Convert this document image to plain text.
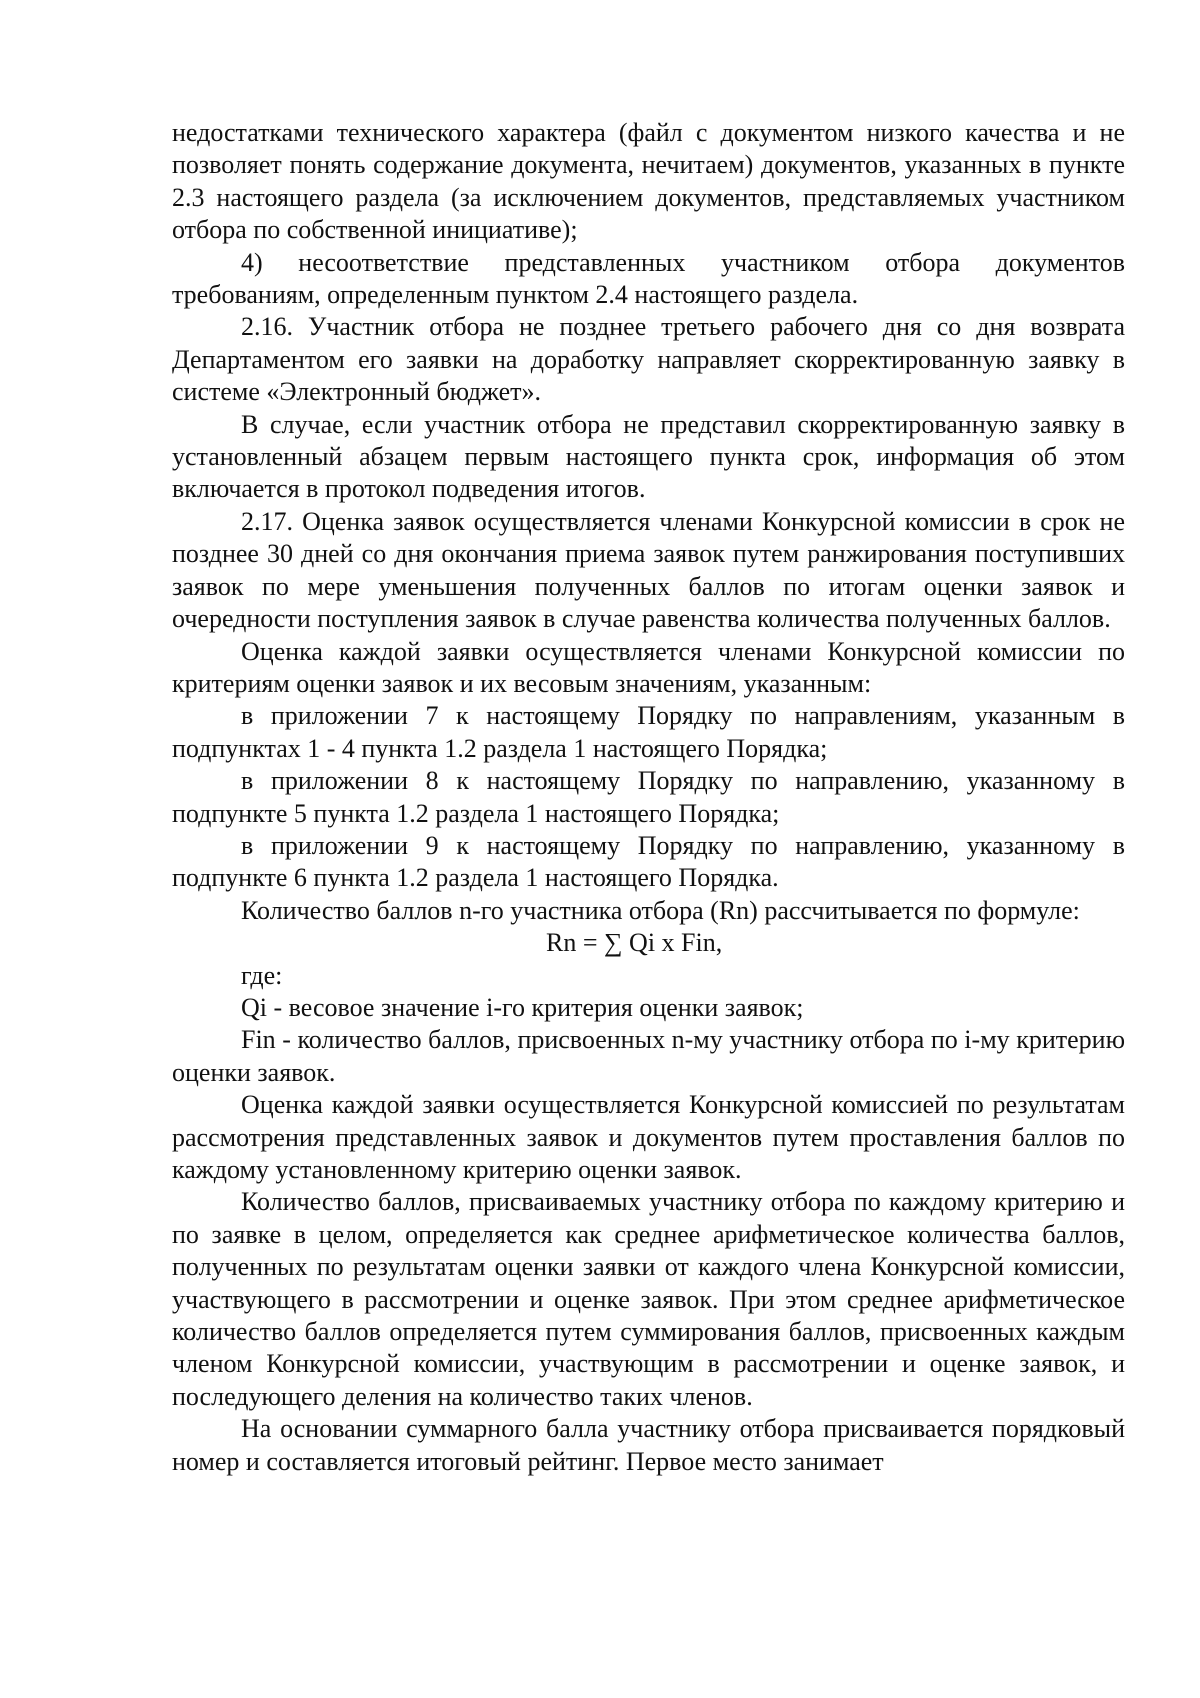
недостатками технического характера (файл с документом низкого качества и не позволяет понять содержание документа, нечитаем) документов, указанных в пункте 2.3 настоящего раздела (за исключением документов, представляемых участником отбора по собственной инициативе);

4) несоответствие представленных участником отбора документов требованиям, определенным пунктом 2.4 настоящего раздела.

2.16. Участник отбора не позднее третьего рабочего дня со дня возврата Департаментом его заявки на доработку направляет скорректированную заявку в системе «Электронный бюджет».

В случае, если участник отбора не представил скорректированную заявку в установленный абзацем первым настоящего пункта срок, информация об этом включается в протокол подведения итогов.

2.17. Оценка заявок осуществляется членами Конкурсной комиссии в срок не позднее 30 дней со дня окончания приема заявок путем ранжирования поступивших заявок по мере уменьшения полученных баллов по итогам оценки заявок и очередности поступления заявок в случае равенства количества полученных баллов.

Оценка каждой заявки осуществляется членами Конкурсной комиссии по критериям оценки заявок и их весовым значениям, указанным:

в приложении 7 к настоящему Порядку по направлениям, указанным в подпунктах 1 - 4 пункта 1.2 раздела 1 настоящего Порядка;

в приложении 8 к настоящему Порядку по направлению, указанному в подпункте 5 пункта 1.2 раздела 1 настоящего Порядка;

в приложении 9 к настоящему Порядку по направлению, указанному в подпункте 6 пункта 1.2 раздела 1 настоящего Порядка.

Количество баллов n-го участника отбора (Rn) рассчитывается по формуле:

Rn = ∑ Qi x Fin,

где:

Qi - весовое значение i-го критерия оценки заявок;

Fin - количество баллов, присвоенных n-му участнику отбора по i-му критерию оценки заявок.

Оценка каждой заявки осуществляется Конкурсной комиссией по результатам рассмотрения представленных заявок и документов путем проставления баллов по каждому установленному критерию оценки заявок.

Количество баллов, присваиваемых участнику отбора по каждому критерию и по заявке в целом, определяется как среднее арифметическое количества баллов, полученных по результатам оценки заявки от каждого члена Конкурсной комиссии, участвующего в рассмотрении и оценке заявок. При этом среднее арифметическое количество баллов определяется путем суммирования баллов, присвоенных каждым членом Конкурсной комиссии, участвующим в рассмотрении и оценке заявок, и последующего деления на количество таких членов.

На основании суммарного балла участнику отбора присваивается порядковый номер и составляется итоговый рейтинг. Первое место занимает
